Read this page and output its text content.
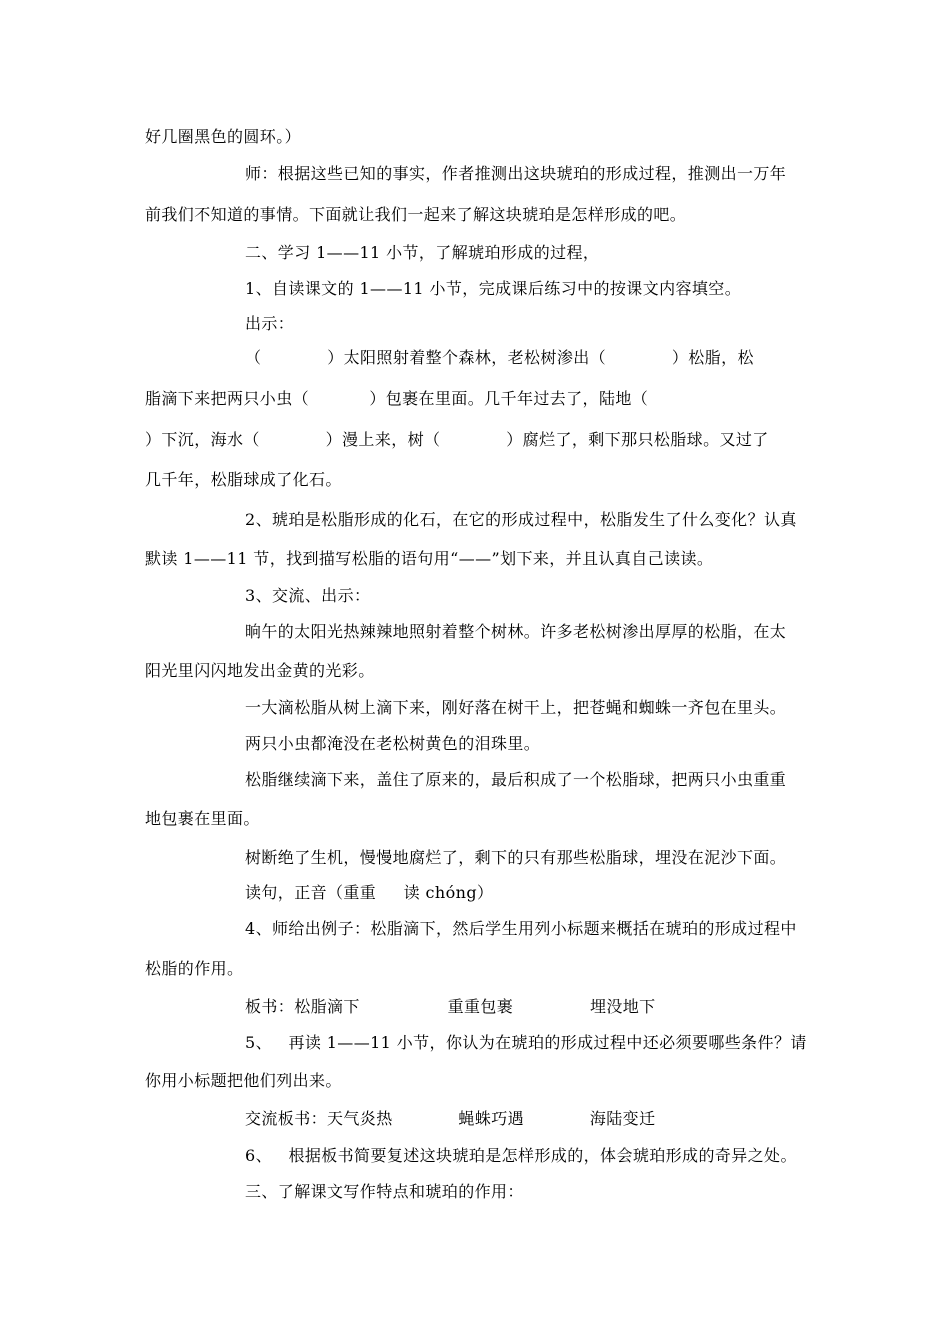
好几圈黑色的圆环。）
师：根据这些已知的事实，作者推测出这块琥珀的形成过程，推测出一万年
前我们不知道的事情。下面就让我们一起来了解这块琥珀是怎样形成的吧。
二、学习 1——11 小节，了解琥珀形成的过程，
1、自读课文的 1——11 小节，完成课后练习中的按课文内容填空。
出示：
（            ）太阳照射着整个森林，老松树渗出（            ）松脂，松
脂滴下来把两只小虫（           ）包裹在里面。几千年过去了，陆地（
）下沉，海水（            ）漫上来，树（            ）腐烂了，剩下那只松脂球。又过了
几千年，松脂球成了化石。
2、琥珀是松脂形成的化石，在它的形成过程中，松脂发生了什么变化？认真
默读 1——11 节，找到描写松脂的语句用“——”划下来，并且认真自己读读。
3、交流、出示：
晌午的太阳光热辣辣地照射着整个树林。许多老松树渗出厚厚的松脂，在太
阳光里闪闪地发出金黄的光彩。
一大滴松脂从树上滴下来，刚好落在树干上，把苍蝇和蜘蛛一齐包在里头。
两只小虫都淹没在老松树黄色的泪珠里。
松脂继续滴下来，盖住了原来的，最后积成了一个松脂球，把两只小虫重重
地包裹在里面。
树断绝了生机，慢慢地腐烂了，剩下的只有那些松脂球，埋没在泥沙下面。
读句，正音（重重     读 chóng）
4、师给出例子：松脂滴下，然后学生用列小标题来概括在琥珀的形成过程中
松脂的作用。
板书：松脂滴下                重重包裹              埋没地下
5、   再读 1——11 小节，你认为在琥珀的形成过程中还必须要哪些条件？请
你用小标题把他们列出来。
交流板书：天气炎热            蝇蛛巧遇            海陆变迁
6、   根据板书简要复述这块琥珀是怎样形成的，体会琥珀形成的奇异之处。
三、了解课文写作特点和琥珀的作用：
